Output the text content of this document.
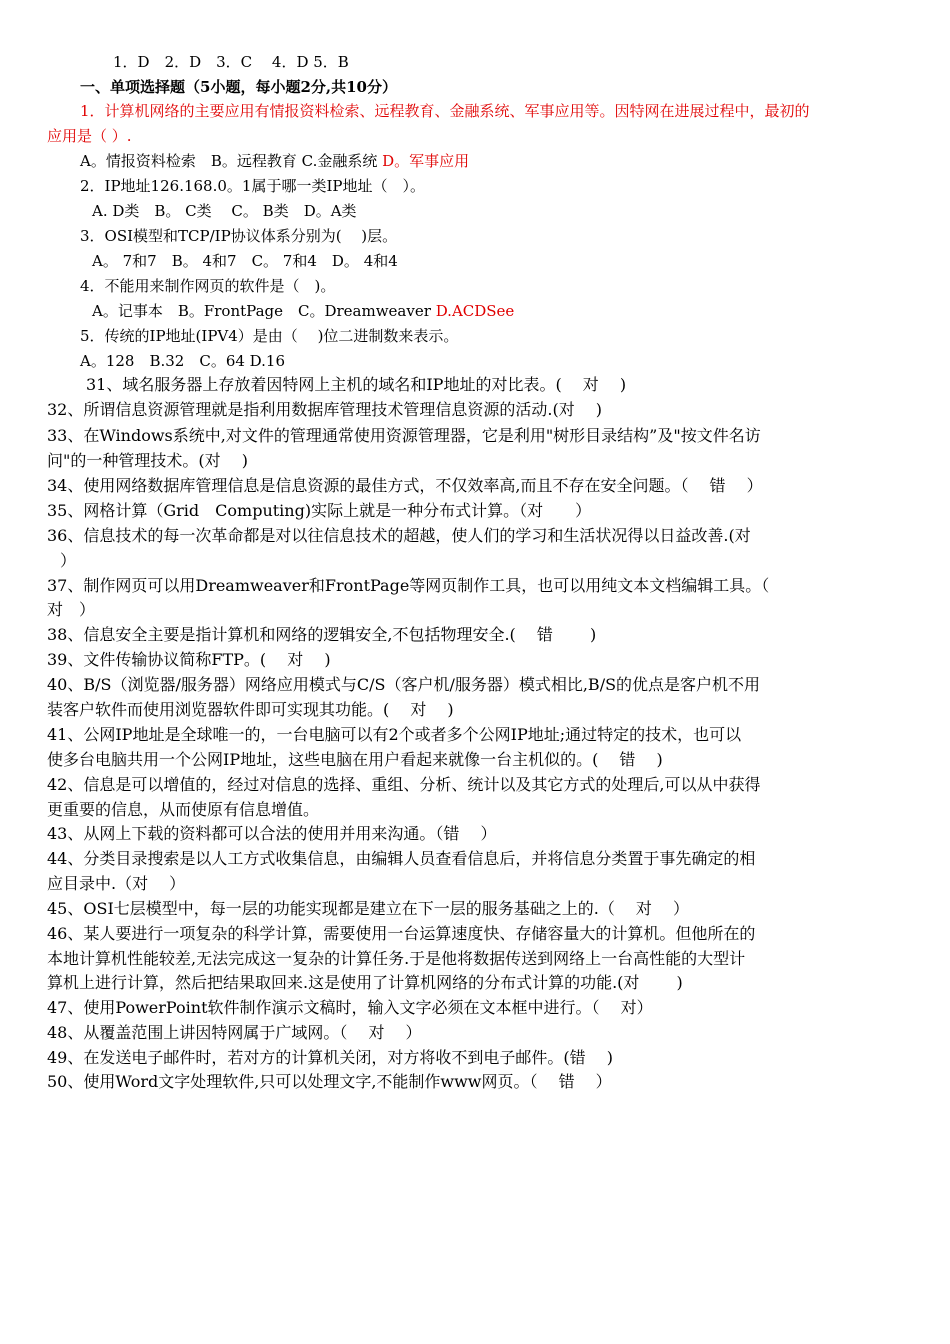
1．D　2．D　3．C　 4．D 5．B
一、单项选择题（5小题，每小题2分,共10分）
1．计算机网络的主要应用有情报资料检索、远程教育、金融系统、军事应用等。因特网在进展过程中，最初的
应用是（ ）.
A。情报资料检索　B。远程教育 C.金融系统 D。军事应用
2．IP地址126.168.0。1属于哪一类IP地址（　）。
A. D类　B。 C类　 C。 B类　D。A类
3．OSI模型和TCP/IP协议体系分别为(　 )层。
A。 7和7　B。 4和7　C。 7和4　D。 4和4
4．不能用来制作网页的软件是（　)。
A。记事本　B。FrontPage　C。Dreamweaver D.ACDSee
5．传统的IP地址(IPV4）是由（　 )位二进制数来表示。
A。128　B.32　C。64 D.16
31、域名服务器上存放着因特网上主机的域名和IP地址的对比表。(　 对　 )
32、所谓信息资源管理就是指利用数据库管理技术管理信息资源的活动.(对　 )
33、在Windows系统中,对文件的管理通常使用资源管理器，它是利用"树形目录结构”及"按文件名访
问"的一种管理技术。(对　 )
34、使用网络数据库管理信息是信息资源的最佳方式，不仅效率高,而且不存在安全问题。（　 错　 ）
35、网格计算（Grid　Computing)实际上就是一种分布式计算。（对　　）
36、信息技术的每一次革命都是对以往信息技术的超越，使人们的学习和生活状况得以日益改善.(对
）
37、制作网页可以用Dreamweaver和FrontPage等网页制作工具，也可以用纯文本文档编辑工具。（
对　）
38、信息安全主要是指计算机和网络的逻辑安全,不包括物理安全.(　 错　　 )
39、文件传输协议简称FTP。(　 对　 )
40、B/S（浏览器/服务器）网络应用模式与C/S（客户机/服务器）模式相比,B/S的优点是客户机不用
装客户软件而使用浏览器软件即可实现其功能。(　 对　 )
41、公网IP地址是全球唯一的，一台电脑可以有2个或者多个公网IP地址;通过特定的技术，也可以
使多台电脑共用一个公网IP地址，这些电脑在用户看起来就像一台主机似的。(　 错　 )
42、信息是可以增值的，经过对信息的选择、重组、分析、统计以及其它方式的处理后,可以从中获得
更重要的信息，从而使原有信息增值。
43、从网上下载的资料都可以合法的使用并用来沟通。（错　 ）
44、分类目录搜索是以人工方式收集信息，由编辑人员查看信息后，并将信息分类置于事先确定的相
应目录中.（对　 ）
45、OSI七层模型中，每一层的功能实现都是建立在下一层的服务基础之上的.（　 对　 ）
46、某人要进行一项复杂的科学计算，需要使用一台运算速度快、存储容量大的计算机。但他所在的
本地计算机性能较差,无法完成这一复杂的计算任务.于是他将数据传送到网络上一台高性能的大型计
算机上进行计算，然后把结果取回来.这是使用了计算机网络的分布式计算的功能.(对　　 )
47、使用PowerPoint软件制作演示文稿时，输入文字必须在文本框中进行。（　 对）
48、从覆盖范围上讲因特网属于广域网。（　 对　 ）
49、在发送电子邮件时，若对方的计算机关闭，对方将收不到电子邮件。(错　 )
50、使用Word文字处理软件,只可以处理文字,不能制作www网页。（　 错　 ）
